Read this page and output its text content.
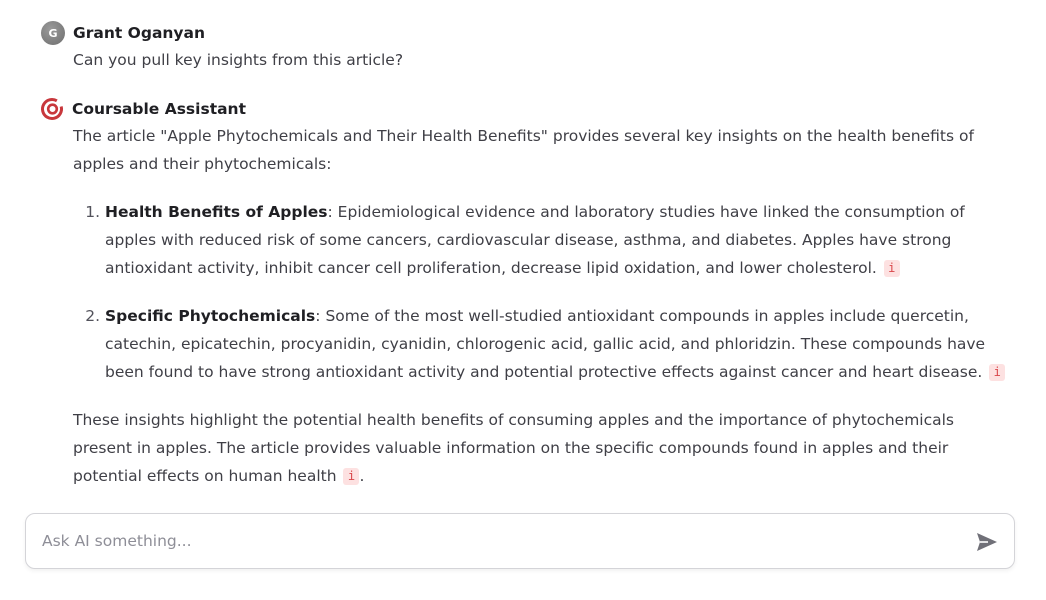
G Grant Oganyan
Can you pull key insights from this article?
Coursable Assistant

The article "Apple Phytochemicals and Their Health Benefits" provides several key insights on the health benefits of apples and their phytochemicals:

1. Health Benefits of Apples: Epidemiological evidence and laboratory studies have linked the consumption of apples with reduced risk of some cancers, cardiovascular disease, asthma, and diabetes. Apples have strong antioxidant activity, inhibit cancer cell proliferation, decrease lipid oxidation, and lower cholesterol. i
2. Specific Phytochemicals: Some of the most well-studied antioxidant compounds in apples include quercetin, catechin, epicatechin, procyanidin, cyanidin, chlorogenic acid, gallic acid, and phloridzin. These compounds have been found to have strong antioxidant activity and potential protective effects against cancer and heart disease. i

These insights highlight the potential health benefits of consuming apples and the importance of phytochemicals present in apples. The article provides valuable information on the specific compounds found in apples and their potential effects on human health i .

Ask AI something...
